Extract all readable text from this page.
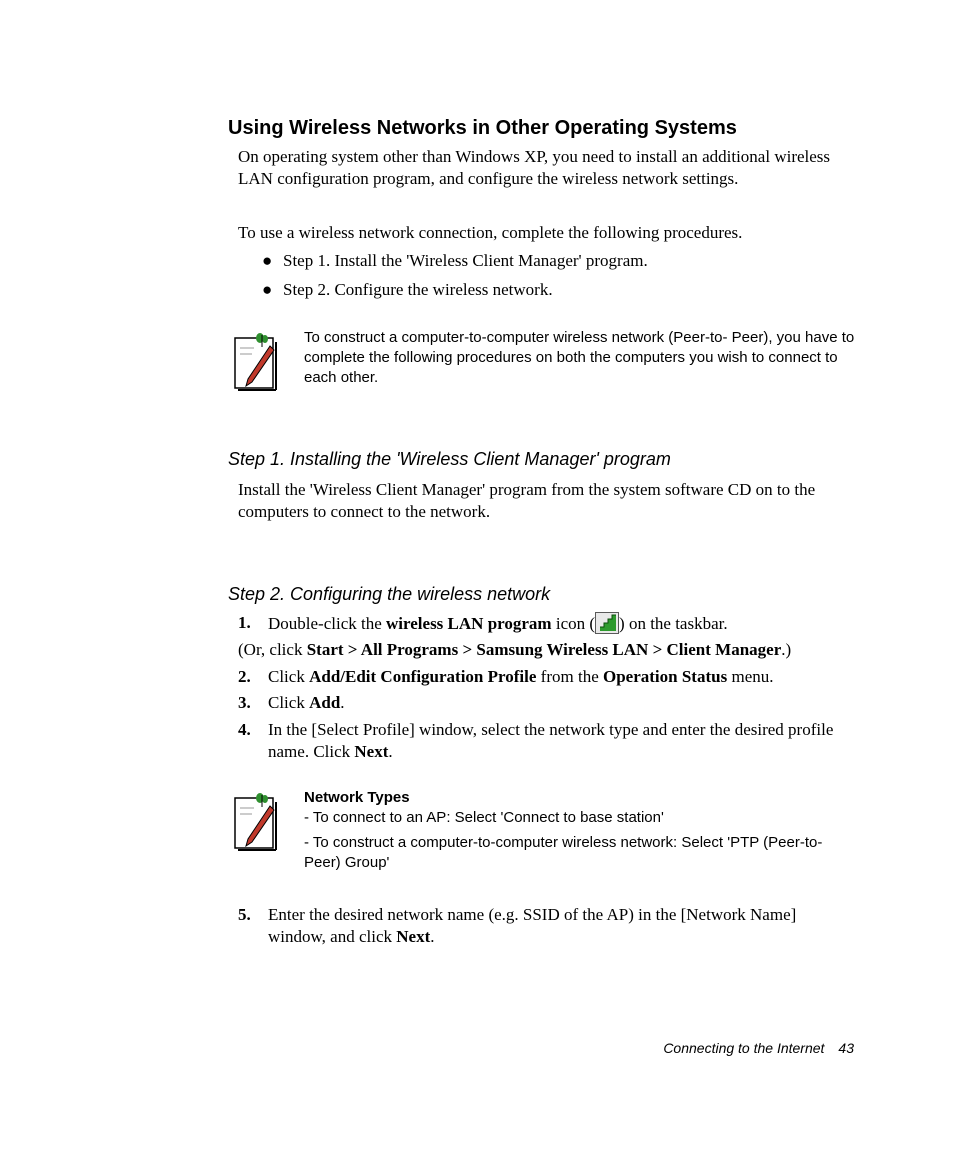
Using Wireless Networks in Other Operating Systems

On operating system other than Windows XP, you need to install an additional wireless LAN configuration program, and configure the wireless network settings.

To use a wireless network connection, complete the following procedures.

● Step 1. Install the 'Wireless Client Manager' program.
● Step 2. Configure the wireless network.

To construct a computer-to-computer wireless network (Peer-to- Peer), you have to complete the following procedures on both the computers you wish to connect to each other.

Step 1. Installing the 'Wireless Client Manager' program

Install the 'Wireless Client Manager' program from the system software CD on to the computers to connect to the network.

Step 2. Configuring the wireless network
1. Double-click the wireless LAN program icon ( ) on the taskbar.

(Or, click Start > All Programs > Samsung Wireless LAN > Client Manager.)

2. Click Add/Edit Configuration Profile from the Operation Status menu.
3. Click Add.
4. In the [Select Profile] window, select the network type and enter the desired profile name. Click Next.

Network Types

- To connect to an AP: Select 'Connect to base station'

- To construct a computer-to-computer wireless network: Select 'PTP (Peer-to-Peer) Group'

5. Enter the desired network name (e.g. SSID of the AP) in the [Network Name] window, and click Next.
Connecting to the Internet 43
